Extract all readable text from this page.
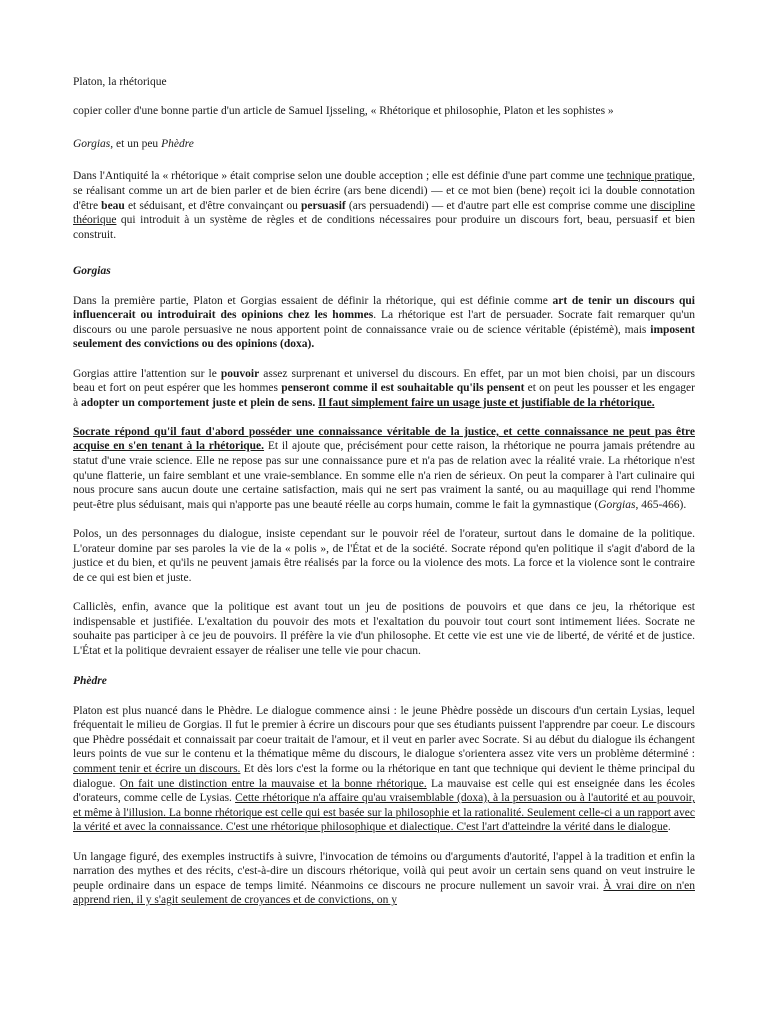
Platon, la rhétorique
copier coller d'une bonne partie d'un article de Samuel Ijsseling, « Rhétorique et philosophie, Platon et les sophistes »
Gorgias, et un peu Phèdre

Dans l'Antiquité la « rhétorique » était comprise selon une double acception ; elle est définie d'une part comme une technique pratique, se réalisant comme un art de bien parler et de bien écrire (ars bene dicendi) — et ce mot bien (bene) reçoit ici la double connotation d'être beau et séduisant, et d'être convainçant ou persuasif (ars persuadendi) — et d'autre part elle est comprise comme une discipline théorique qui introduit à un système de règles et de conditions nécessaires pour produire un discours fort, beau, persuasif et bien construit.

Gorgias

Dans la première partie, Platon et Gorgias essaient de définir la rhétorique, qui est définie comme art de tenir un discours qui influencerait ou introduirait des opinions chez les hommes. La rhétorique est l'art de persuader. Socrate fait remarquer qu'un discours ou une parole persuasive ne nous apportent point de connaissance vraie ou de science véritable (épistémè), mais imposent seulement des convictions ou des opinions (doxa).

Gorgias attire l'attention sur le pouvoir assez surprenant et universel du discours. En effet, par un mot bien choisi, par un discours beau et fort on peut espérer que les hommes penseront comme il est souhaitable qu'ils pensent et on peut les pousser et les engager à adopter un comportement juste et plein de sens. Il faut simplement faire un usage juste et justifiable de la rhétorique.

Socrate répond qu'il faut d'abord posséder une connaissance véritable de la justice, et cette connaissance ne peut pas être acquise en s'en tenant à la rhétorique. Et il ajoute que, précisément pour cette raison, la rhétorique ne pourra jamais prétendre au statut d'une vraie science. Elle ne repose pas sur une connaissance pure et n'a pas de relation avec la réalité vraie. La rhétorique n'est qu'une flatterie, un faire semblant et une vraie-semblance. En somme elle n'a rien de sérieux. On peut la comparer à l'art culinaire qui nous procure sans aucun doute une certaine satisfaction, mais qui ne sert pas vraiment la santé, ou au maquillage qui rend l'homme peut-être plus séduisant, mais qui n'apporte pas une beauté réelle au corps humain, comme le fait la gymnastique (Gorgias, 465-466).

Polos, un des personnages du dialogue, insiste cependant sur le pouvoir réel de l'orateur, surtout dans le domaine de la politique. L'orateur domine par ses paroles la vie de la « polis », de l'État et de la société. Socrate répond qu'en politique il s'agit d'abord de la justice et du bien, et qu'ils ne peuvent jamais être réalisés par la force ou la violence des mots. La force et la violence sont le contraire de ce qui est bien et juste.

Calliclès, enfin, avance que la politique est avant tout un jeu de positions de pouvoirs et que dans ce jeu, la rhétorique est indispensable et justifiée. L'exaltation du pouvoir des mots et l'exaltation du pouvoir tout court sont intimement liées. Socrate ne souhaite pas participer à ce jeu de pouvoirs. Il préfère la vie d'un philosophe. Et cette vie est une vie de liberté, de vérité et de justice. L'État et la politique devraient essayer de réaliser une telle vie pour chacun.

Phèdre

Platon est plus nuancé dans le Phèdre. Le dialogue commence ainsi : le jeune Phèdre possède un discours d'un certain Lysias, lequel fréquentait le milieu de Gorgias. Il fut le premier à écrire un discours pour que ses étudiants puissent l'apprendre par coeur. Le discours que Phèdre possédait et connaissait par coeur traitait de l'amour, et il veut en parler avec Socrate. Si au début du dialogue ils échangent leurs points de vue sur le contenu et la thématique même du discours, le dialogue s'orientera assez vite vers un problème déterminé : comment tenir et écrire un discours. Et dès lors c'est la forme ou la rhétorique en tant que technique qui devient le thème principal du dialogue. On fait une distinction entre la mauvaise et la bonne rhétorique. La mauvaise est celle qui est enseignée dans les écoles d'orateurs, comme celle de Lysias. Cette rhétorique n'a affaire qu'au vraisemblable (doxa), à la persuasion ou à l'autorité et au pouvoir, et même à l'illusion. La bonne rhétorique est celle qui est basée sur la philosophie et la rationalité. Seulement celle-ci a un rapport avec la vérité et avec la connaissance. C'est une rhétorique philosophique et dialectique. C'est l'art d'atteindre la vérité dans le dialogue.

Un langage figuré, des exemples instructifs à suivre, l'invocation de témoins ou d'arguments d'autorité, l'appel à la tradition et enfin la narration des mythes et des récits, c'est-à-dire un discours rhétorique, voilà qui peut avoir un certain sens quand on veut instruire le peuple ordinaire dans un espace de temps limité. Néanmoins ce discours ne procure nullement un savoir vrai. À vrai dire on n'en apprend rien, il y s'agit seulement de croyances et de convictions, on y
